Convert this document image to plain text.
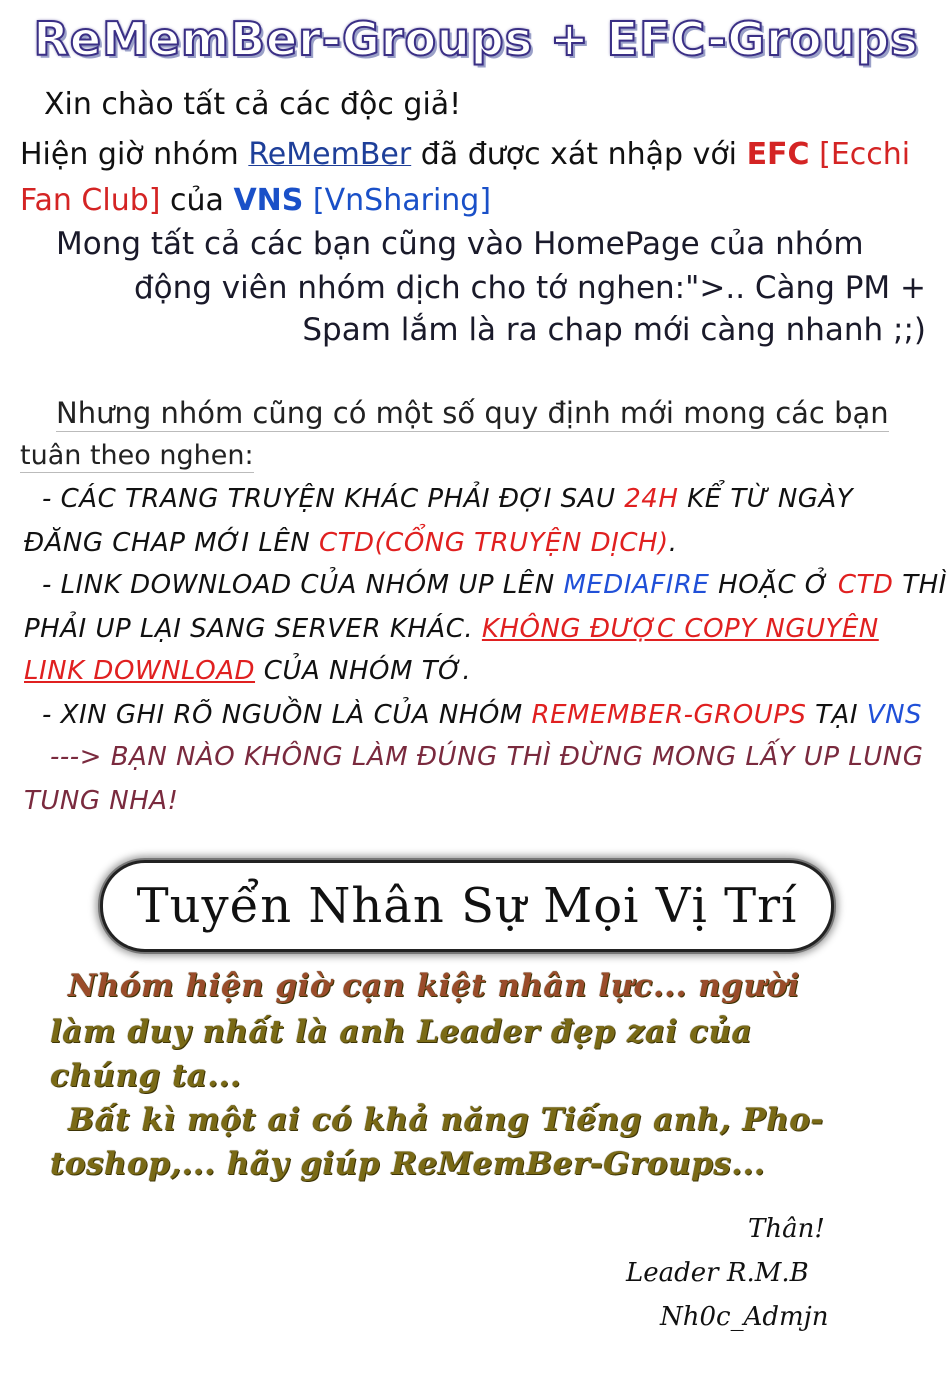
ReMemBer-Groups + EFC-Groups
Xin chào tất cả các độc giả!
Hiện giờ nhóm ReMemBer đã được xát nhập với EFC [Ecchi
Fan Club] của VNS [VnSharing]
Mong tất cả các bạn cũng vào HomePage của nhóm
động viên nhóm dịch cho tớ nghen:">.. Càng PM +
Spam lắm là ra chap mới càng nhanh ;;)
Nhưng nhóm cũng có một số quy định mới mong các bạn
tuân theo nghen:
- CÁC TRANG TRUYỆN KHÁC PHẢI ĐỢI SAU 24H KỂ TỪ NGÀY
ĐĂNG CHAP MỚI LÊN CTD(CỔNG TRUYỆN DỊCH).
- LINK DOWNLOAD CỦA NHÓM UP LÊN MEDIAFIRE HOẶC Ở CTD THÌ
PHẢI UP LẠI SANG SERVER KHÁC. KHÔNG ĐƯỢC COPY NGUYÊN
LINK DOWNLOAD CỦA NHÓM TỚ.
- XIN GHI RÕ NGUỒN LÀ CỦA NHÓM REMEMBER-GROUPS TẠI VNS
---> BẠN NÀO KHÔNG LÀM ĐÚNG THÌ ĐỪNG MONG LẤY UP LUNG
TUNG NHA!
Tuyển Nhân Sự Mọi Vị Trí
Nhóm hiện giờ cạn kiệt nhân lực... người
làm duy nhất là anh Leader đẹp zai của
chúng ta...
Bất kì một ai có khả năng Tiếng anh, Pho-
toshop,... hãy giúp ReMemBer-Groups...
Thân!
Leader R.M.B
Nh0c_Admjn
